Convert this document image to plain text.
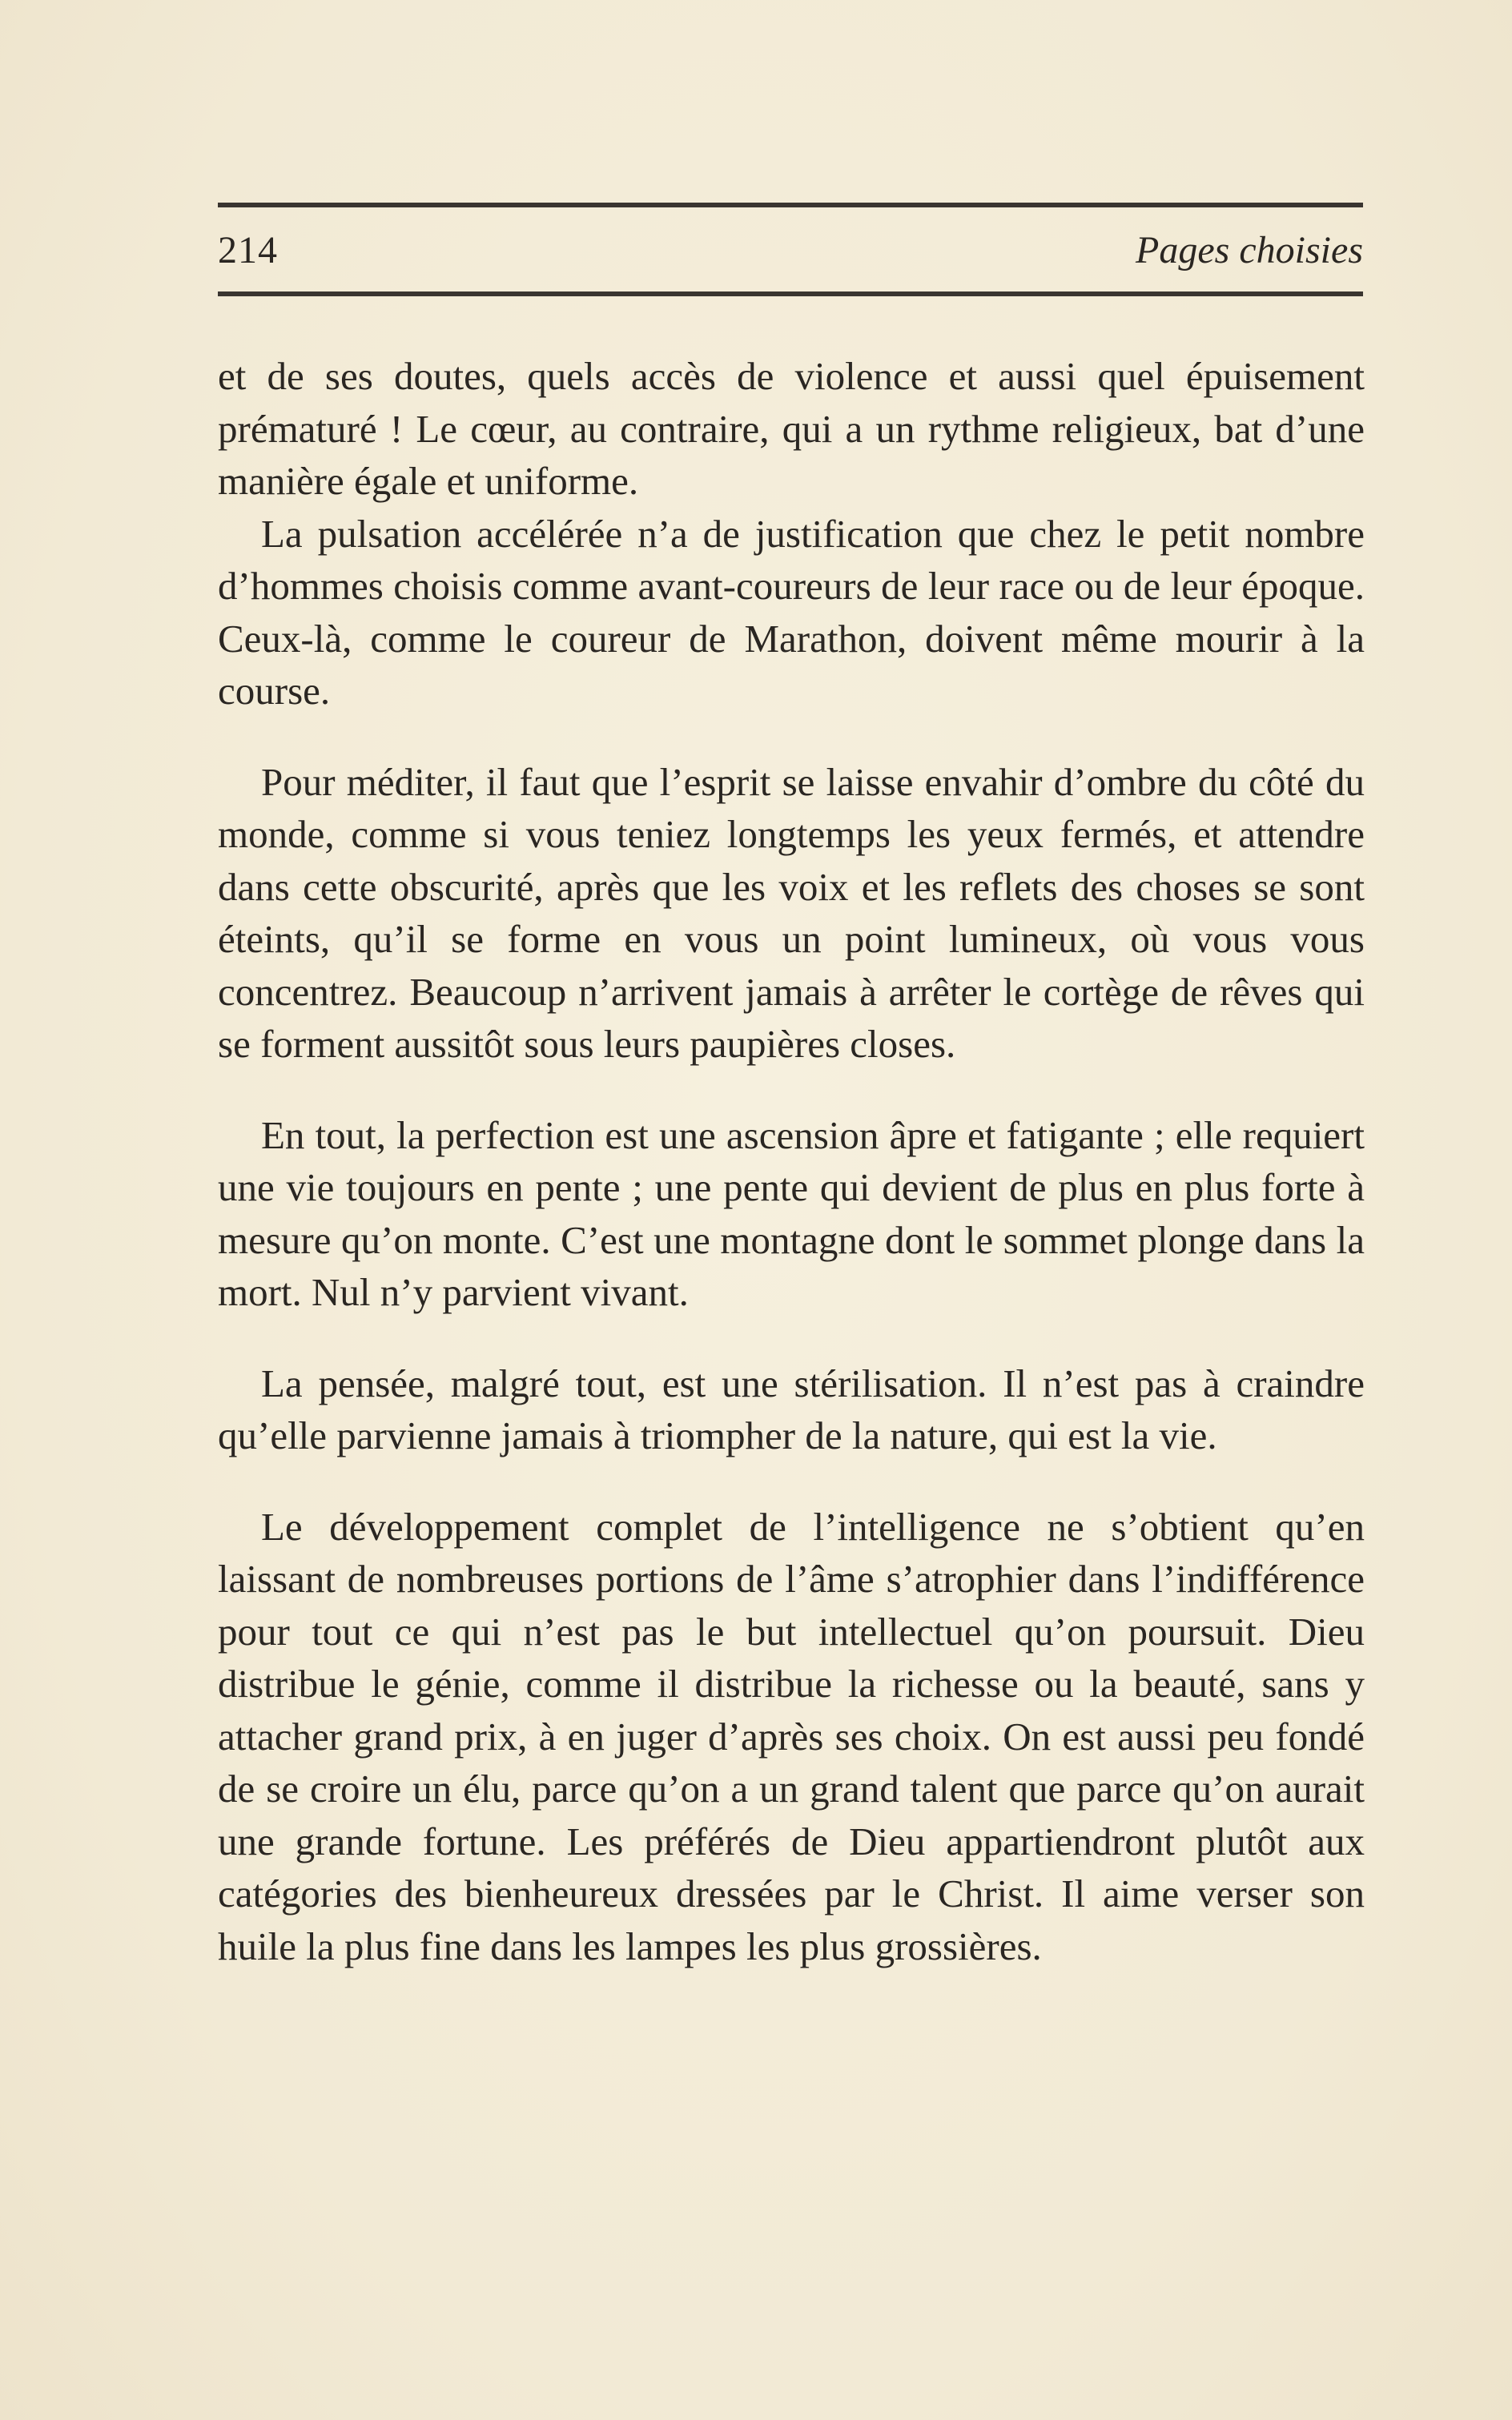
214	Pages choisies

et de ses doutes, quels accès de violence et aussi quel épuisement prématuré ! Le cœur, au contraire, qui a un rythme religieux, bat d’une manière égale et uniforme.

La pulsation accélérée n’a de justification que chez le petit nombre d’hommes choisis comme avant-coureurs de leur race ou de leur époque. Ceux-là, comme le coureur de Marathon, doivent même mourir à la course.

Pour méditer, il faut que l’esprit se laisse envahir d’ombre du côté du monde, comme si vous teniez longtemps les yeux fermés, et attendre dans cette obscurité, après que les voix et les reflets des choses se sont éteints, qu’il se forme en vous un point lumineux, où vous vous concentrez. Beaucoup n’arrivent jamais à arrêter le cortège de rêves qui se forment aussitôt sous leurs paupières closes.

En tout, la perfection est une ascension âpre et fatigante ; elle requiert une vie toujours en pente ; une pente qui devient de plus en plus forte à mesure qu’on monte. C’est une montagne dont le sommet plonge dans la mort. Nul n’y parvient vivant.

La pensée, malgré tout, est une stérilisation. Il n’est pas à craindre qu’elle parvienne jamais à triompher de la nature, qui est la vie.

Le développement complet de l’intelligence ne s’obtient qu’en laissant de nombreuses portions de l’âme s’atrophier dans l’indifférence pour tout ce qui n’est pas le but intellectuel qu’on poursuit. Dieu distribue le génie, comme il distribue la richesse ou la beauté, sans y attacher grand prix, à en juger d’après ses choix. On est aussi peu fondé de se croire un élu, parce qu’on a un grand talent que parce qu’on aurait une grande fortune. Les préférés de Dieu appartiendront plutôt aux catégories des bienheureux dressées par le Christ. Il aime verser son huile la plus fine dans les lampes les plus grossières.
